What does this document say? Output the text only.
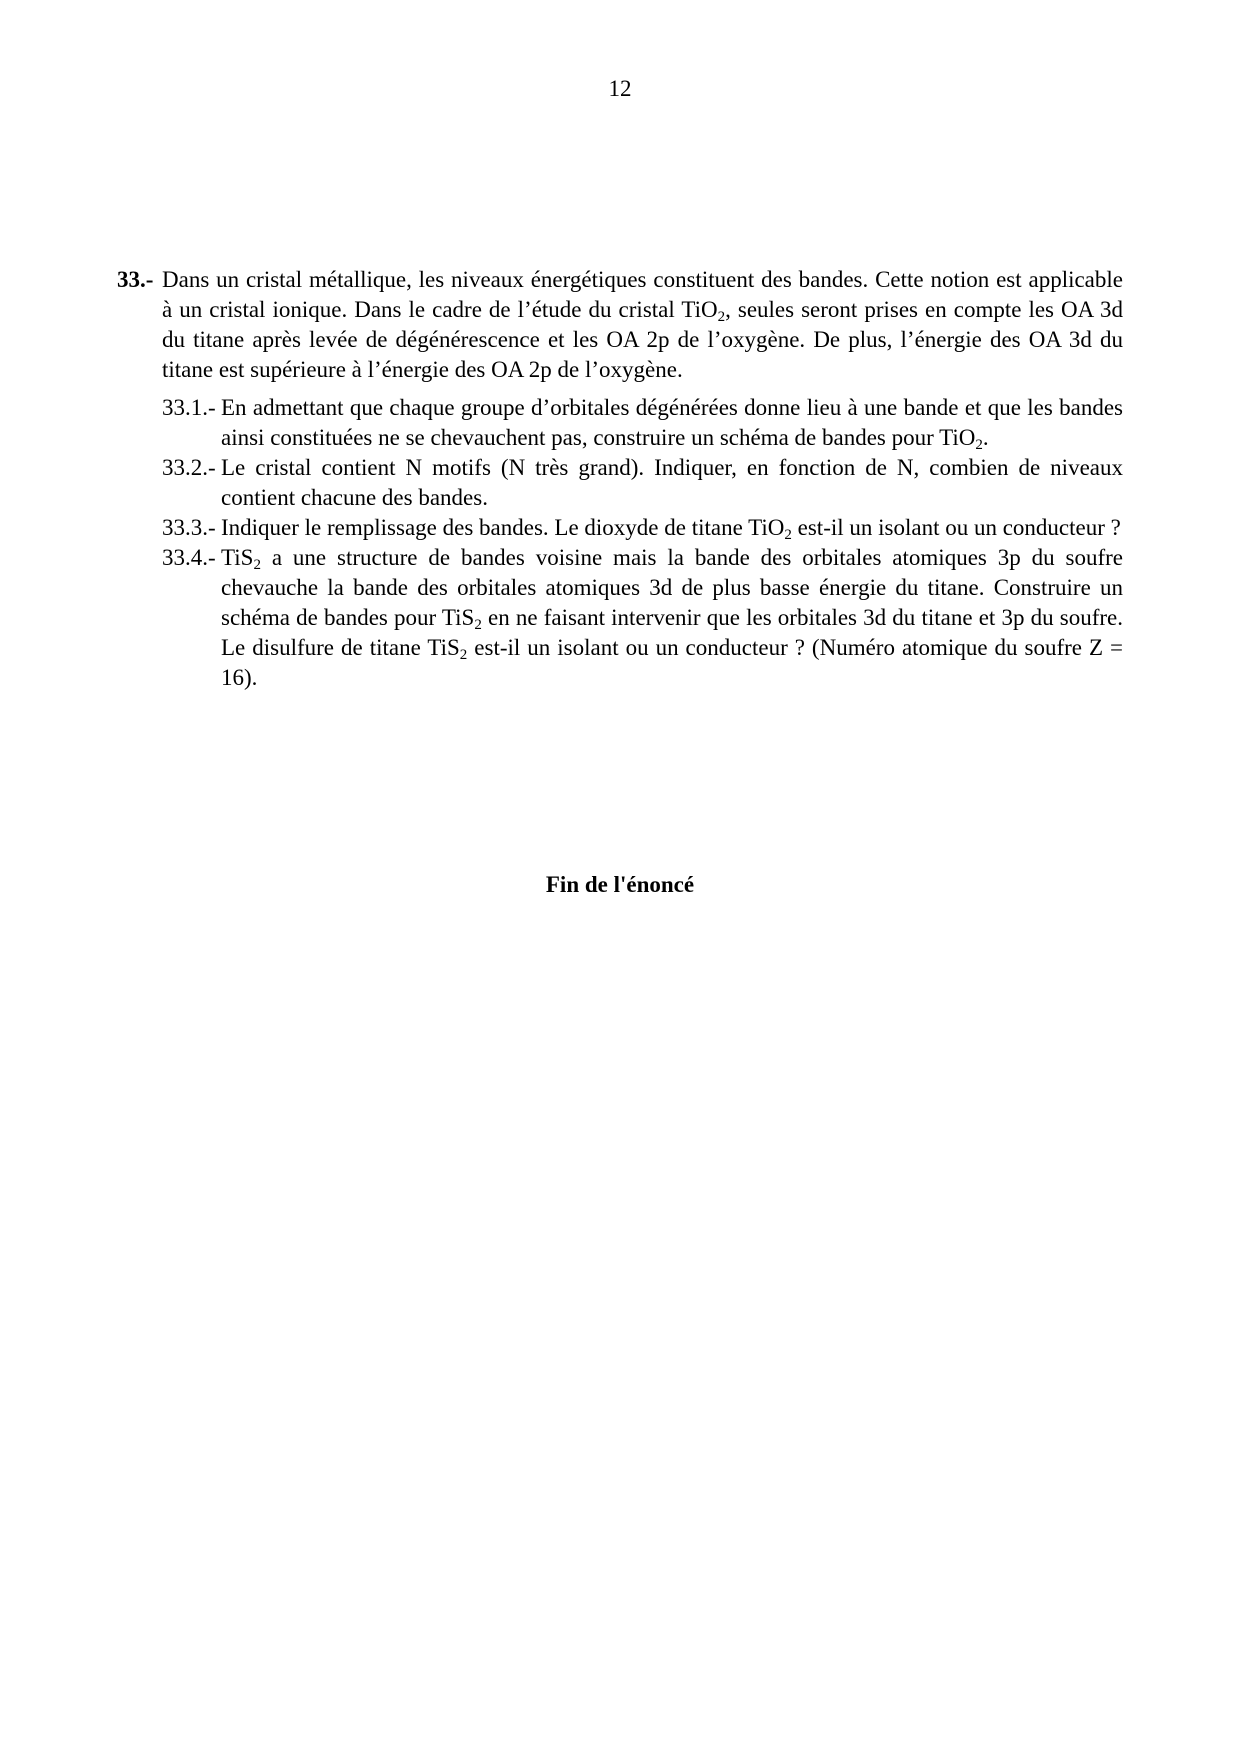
12
33.- Dans un cristal métallique, les niveaux énergétiques constituent des bandes. Cette notion est applicable à un cristal ionique. Dans le cadre de l’étude du cristal TiO$_2$, seules seront prises en compte les OA 3d du titane après levée de dégénérescence et les OA 2p de l’oxygène. De plus, l’énergie des OA 3d du titane est supérieure à l’énergie des OA 2p de l’oxygène.
33.1.- En admettant que chaque groupe d’orbitales dégénérées donne lieu à une bande et que les bandes ainsi constituées ne se chevauchent pas, construire un schéma de bandes pour TiO$_2$.
33.2.- Le cristal contient N motifs (N très grand). Indiquer, en fonction de N, combien de niveaux contient chacune des bandes.
33.3.- Indiquer le remplissage des bandes. Le dioxyde de titane TiO$_2$ est-il un isolant ou un conducteur ?
33.4.- TiS$_2$ a une structure de bandes voisine mais la bande des orbitales atomiques 3p du soufre chevauche la bande des orbitales atomiques 3d de plus basse énergie du titane. Construire un schéma de bandes pour TiS$_2$ en ne faisant intervenir que les orbitales 3d du titane et 3p du soufre. Le disulfure de titane TiS$_2$ est-il un isolant ou un conducteur ? (Numéro atomique du soufre Z = 16).
Fin de l'énoncé
